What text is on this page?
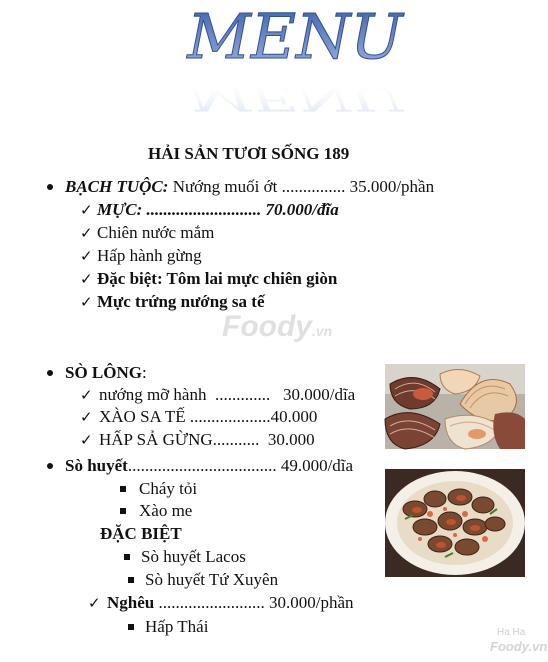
MENU
MENU
HẢI SẢN TƯƠI SỐNG 189
BẠCH TUỘC: Nướng muối ớt ............... 35.000/phần
✓ MỰC: ........................... 70.000/đĩa
✓ Chiên nước mắm
✓ Hấp hành gừng
✓ Đặc biệt: Tôm lai mực chiên giòn
✓ Mực trứng nướng sa tế
Foody.vn
SÒ LÔNG:
✓ nướng mỡ hành ............. 30.000/dĩa
✓ XÀO SA TẾ ...................40.000
✓ HẤP SẢ GỪNG........... 30.000
Sò huyết................................... 49.000/dĩa
Cháy tỏi
Xào me
ĐẶC BIỆT
Sò huyết Lacos
Sò huyết Tứ Xuyên
✓ Nghêu ......................... 30.000/phần
Hấp Thái	Ha Ha
Foody.vn
